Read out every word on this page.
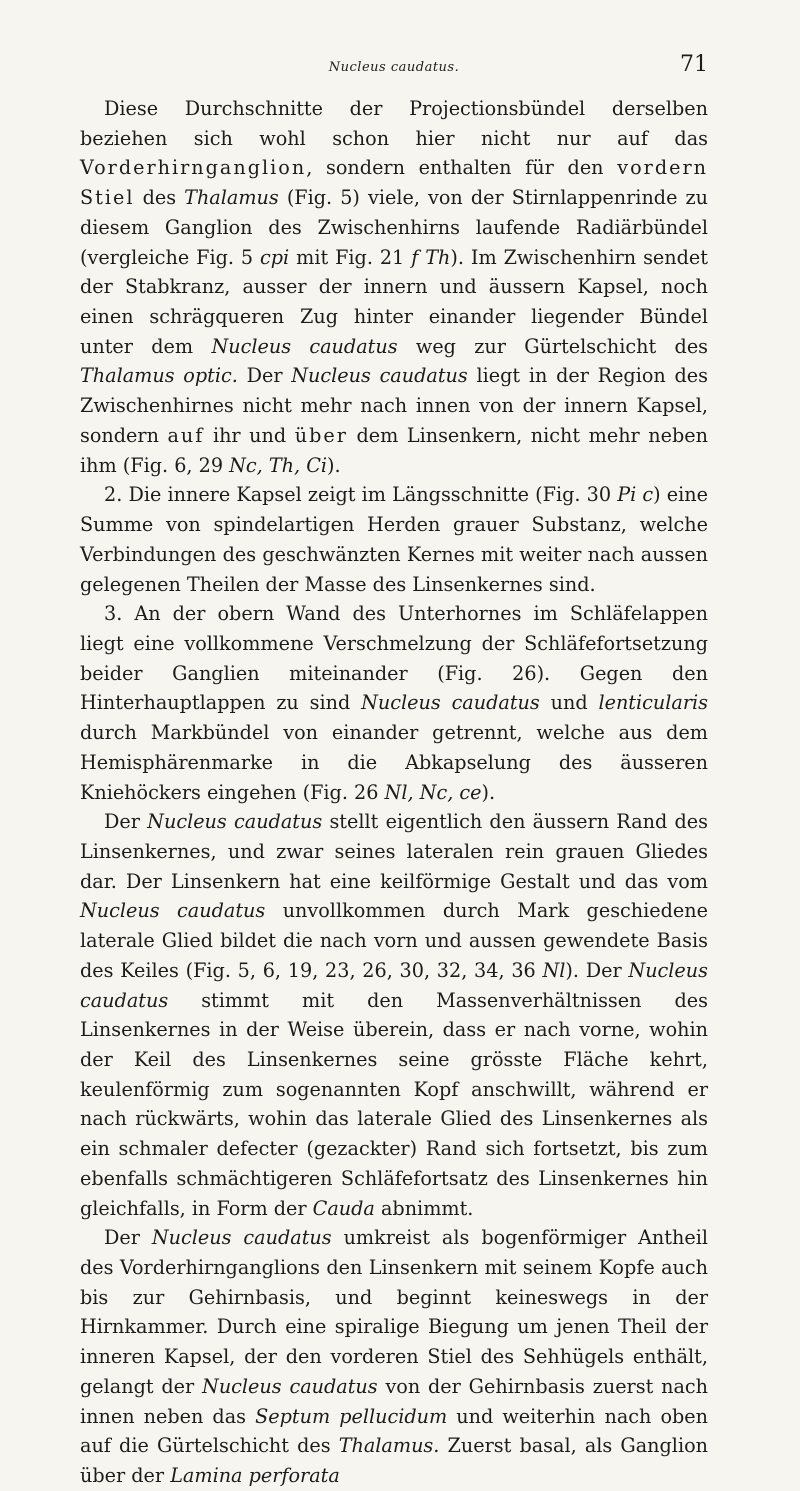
Nucleus caudatus.	71

Diese Durchschnitte der Projectionsbündel derselben beziehen sich wohl schon hier nicht nur auf das Vorderhirnganglion, sondern enthalten für den vordern Stiel des Thalamus (Fig. 5) viele, von der Stirnlappenrinde zu diesem Ganglion des Zwischenhirns laufende Radiärbündel (vergleiche Fig. 5 cpi mit Fig. 21 f Th). Im Zwischenhirn sendet der Stabkranz, ausser der innern und äussern Kapsel, noch einen schrägqueren Zug hinter einander liegender Bündel unter dem Nucleus caudatus weg zur Gürtelschicht des Thalamus optic. Der Nucleus caudatus liegt in der Region des Zwischenhirnes nicht mehr nach innen von der innern Kapsel, sondern auf ihr und über dem Linsenkern, nicht mehr neben ihm (Fig. 6, 29 Nc, Th, Ci).

2. Die innere Kapsel zeigt im Längsschnitte (Fig. 30 Pi c) eine Summe von spindelartigen Herden grauer Substanz, welche Verbindungen des geschwänzten Kernes mit weiter nach aussen gelegenen Theilen der Masse des Linsenkernes sind.

3. An der obern Wand des Unterhornes im Schläfelappen liegt eine vollkommene Verschmelzung der Schläfefortsetzung beider Ganglien miteinander (Fig. 26). Gegen den Hinterhauptlappen zu sind Nucleus caudatus und lenticularis durch Markbündel von einander getrennt, welche aus dem Hemisphärenmarke in die Abkapselung des äusseren Kniehöckers eingehen (Fig. 26 Nl, Nc, ce).

Der Nucleus caudatus stellt eigentlich den äussern Rand des Linsenkernes, und zwar seines lateralen rein grauen Gliedes dar. Der Linsenkern hat eine keilförmige Gestalt und das vom Nucleus caudatus unvollkommen durch Mark geschiedene laterale Glied bildet die nach vorn und aussen gewendete Basis des Keiles (Fig. 5, 6, 19, 23, 26, 30, 32, 34, 36 Nl). Der Nucleus caudatus stimmt mit den Massenverhältnissen des Linsenkernes in der Weise überein, dass er nach vorne, wohin der Keil des Linsenkernes seine grösste Fläche kehrt, keulenförmig zum sogenannten Kopf anschwillt, während er nach rückwärts, wohin das laterale Glied des Linsenkernes als ein schmaler defecter (gezackter) Rand sich fortsetzt, bis zum ebenfalls schmächtigeren Schläfefortsatz des Linsenkernes hin gleichfalls, in Form der Cauda abnimmt.

Der Nucleus caudatus umkreist als bogenförmiger Antheil des Vorderhirnganglions den Linsenkern mit seinem Kopfe auch bis zur Gehirnbasis, und beginnt keineswegs in der Hirnkammer. Durch eine spiralige Biegung um jenen Theil der inneren Kapsel, der den vorderen Stiel des Sehhügels enthält, gelangt der Nucleus caudatus von der Gehirnbasis zuerst nach innen neben das Septum pellucidum und weiterhin nach oben auf die Gürtelschicht des Thalamus. Zuerst basal, als Ganglion über der Lamina perforata
